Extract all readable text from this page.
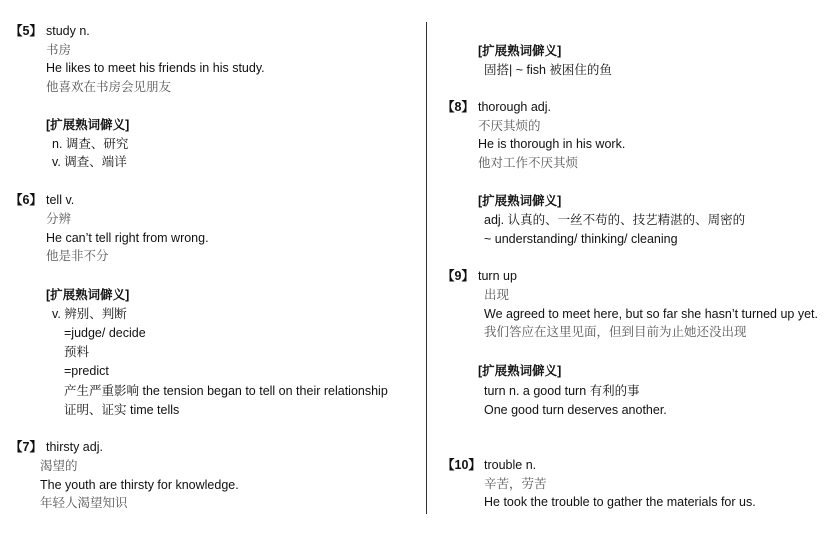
【5】 study n.
书房
He likes to meet his friends in his study.
他喜欢在书房会见朋友
[扩展熟词僻义]
n. 调查、研究
v. 调查、端详
【6】 tell v.
分辨
He can’t tell right from wrong.
他是非不分
[扩展熟词僻义]
v. 辨别、判断
=judge/ decide
预料
=predict
产生严重影响 the tension began to tell on their relationship
证明、证实 time tells
【7】 thirsty adj.
渴望的
The youth are thirsty for knowledge.
年轻人渴望知识
[扩展熟词僻义]
固搭| ~ fish 被困住的鱼
【8】 thorough adj.
不厌其烦的
He is thorough in his work.
他对工作不厌其烦
[扩展熟词僻义]
adj. 认真的、一丝不苟的、技艺精湛的、周密的
~ understanding/ thinking/ cleaning
【9】 turn up
出现
We agreed to meet here, but so far she hasn’t turned up yet.
我们答应在这里见面，但到目前为止她还没出现
[扩展熟词僻义]
turn n. a good turn 有利的事
One good turn deserves another.
【10】 trouble n.
辛苦，劳苦
He took the trouble to gather the materials for us.
